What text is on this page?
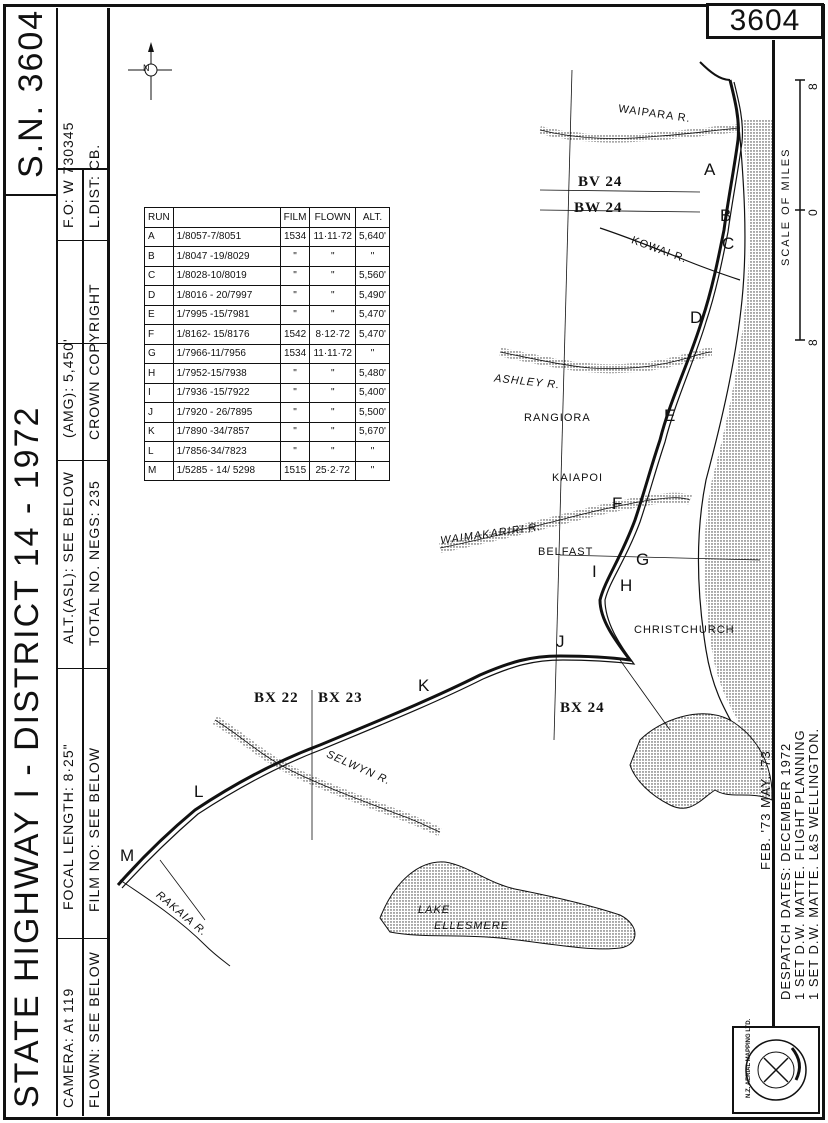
STATE HIGHWAY I - DISTRICT 14 - 1972
S.N. 3604
CAMERA: At 119
FOCAL LENGTH: 8·25"
ALT.(ASL): SEE BELOW
(AMG): 5,450'
F.O: W 730345
FLOWN: SEE BELOW
FILM NO: SEE BELOW
TOTAL NO. NEGS: 235
CROWN COPYRIGHT
L.DIST: CB.
3604
RUN		FILM	FLOWN	ALT.
A	1/8057-7/8051	1534	11·11·72	5,640'
B	1/8047 -19/8029	"	"	"
C	1/8028-10/8019	"	"	5,560'
D	1/8016 - 20/7997	"	"	5,490'
E	1/7995 -15/7981	"	"	5,470'
F	1/8162- 15/8176	1542	8·12·72	5,470'
G	1/7966-11/7956	1534	11·11·72	"
H	1/7952-15/7938	"	"	5,480'
I	1/7936 -15/7922	"	"	5,400'
J	1/7920 - 26/7895	"	"	5,500'
K	1/7890 -34/7857	"	"	5,670'
L	1/7856-34/7823	"	"	"
M	1/5285 - 14/ 5298	1515	25·2·72	"
WAIPARA R.
KOWAI R.
ASHLEY R.
RANGIORA
KAIAPOI
WAIMAKARIRI R.
BELFAST
CHRISTCHURCH
SELWYN R.
LAKE
ELLESMERE
RAKAIA R.
BV 24
BW 24
BX 22 BX 23
BX 24
A
B
C
D
E
F
G
H
I
J
K
L
M
N
SCALE OF MILES
8
0
8
DESPATCH DATES: DECEMBER 1972
FEB. '73 MAY. '73 1 SET D.W. MATTE. FLIGHT PLANNING 1 SET D.W. MATTE. L&S WELLINGTON.
N.Z. AERIAL MAPPING LTD.
